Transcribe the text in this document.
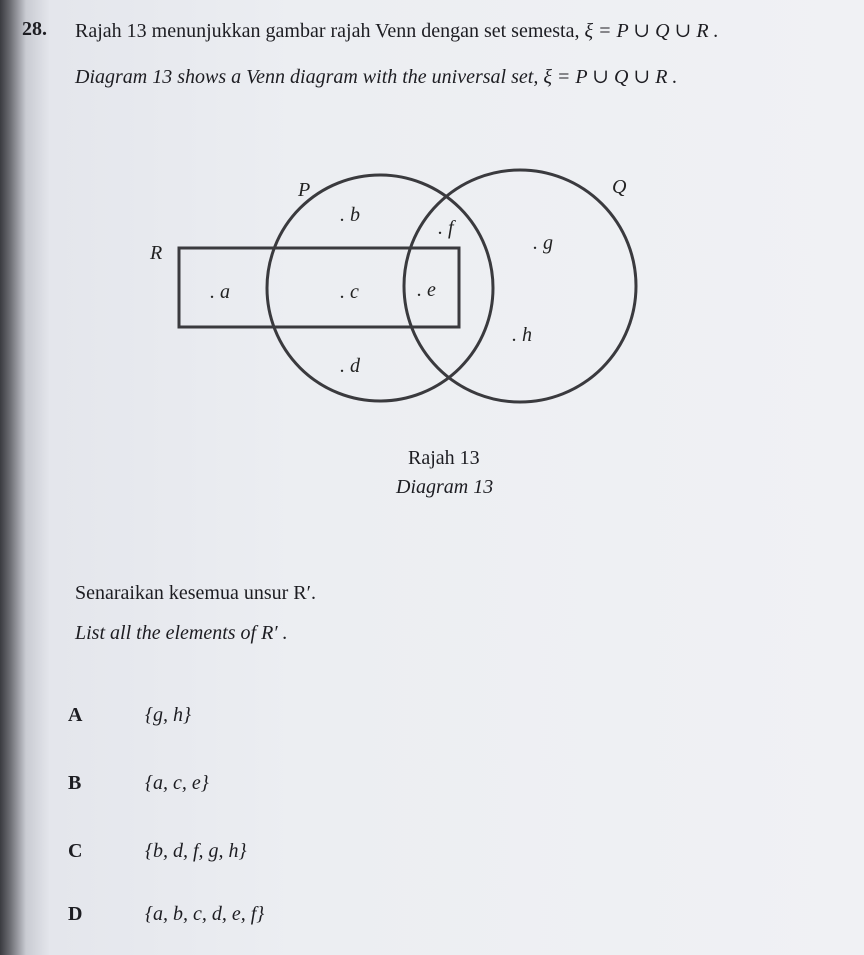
28. Rajah 13 menunjukkan gambar rajah Venn dengan set semesta, ξ = P ∪ Q ∪ R .
Diagram 13 shows a Venn diagram with the universal set, ξ = P ∪ Q ∪ R .
P	Q
R
. b
. f
. g
. a	. c	. e
. h
. d
Rajah 13
Diagram 13
Senaraikan kesemua unsur R′.
List all the elements of R′ .
A	{g, h}
B	{a, c, e}
C	{b, d, f, g, h}
D	{a, b, c, d, e, f}
